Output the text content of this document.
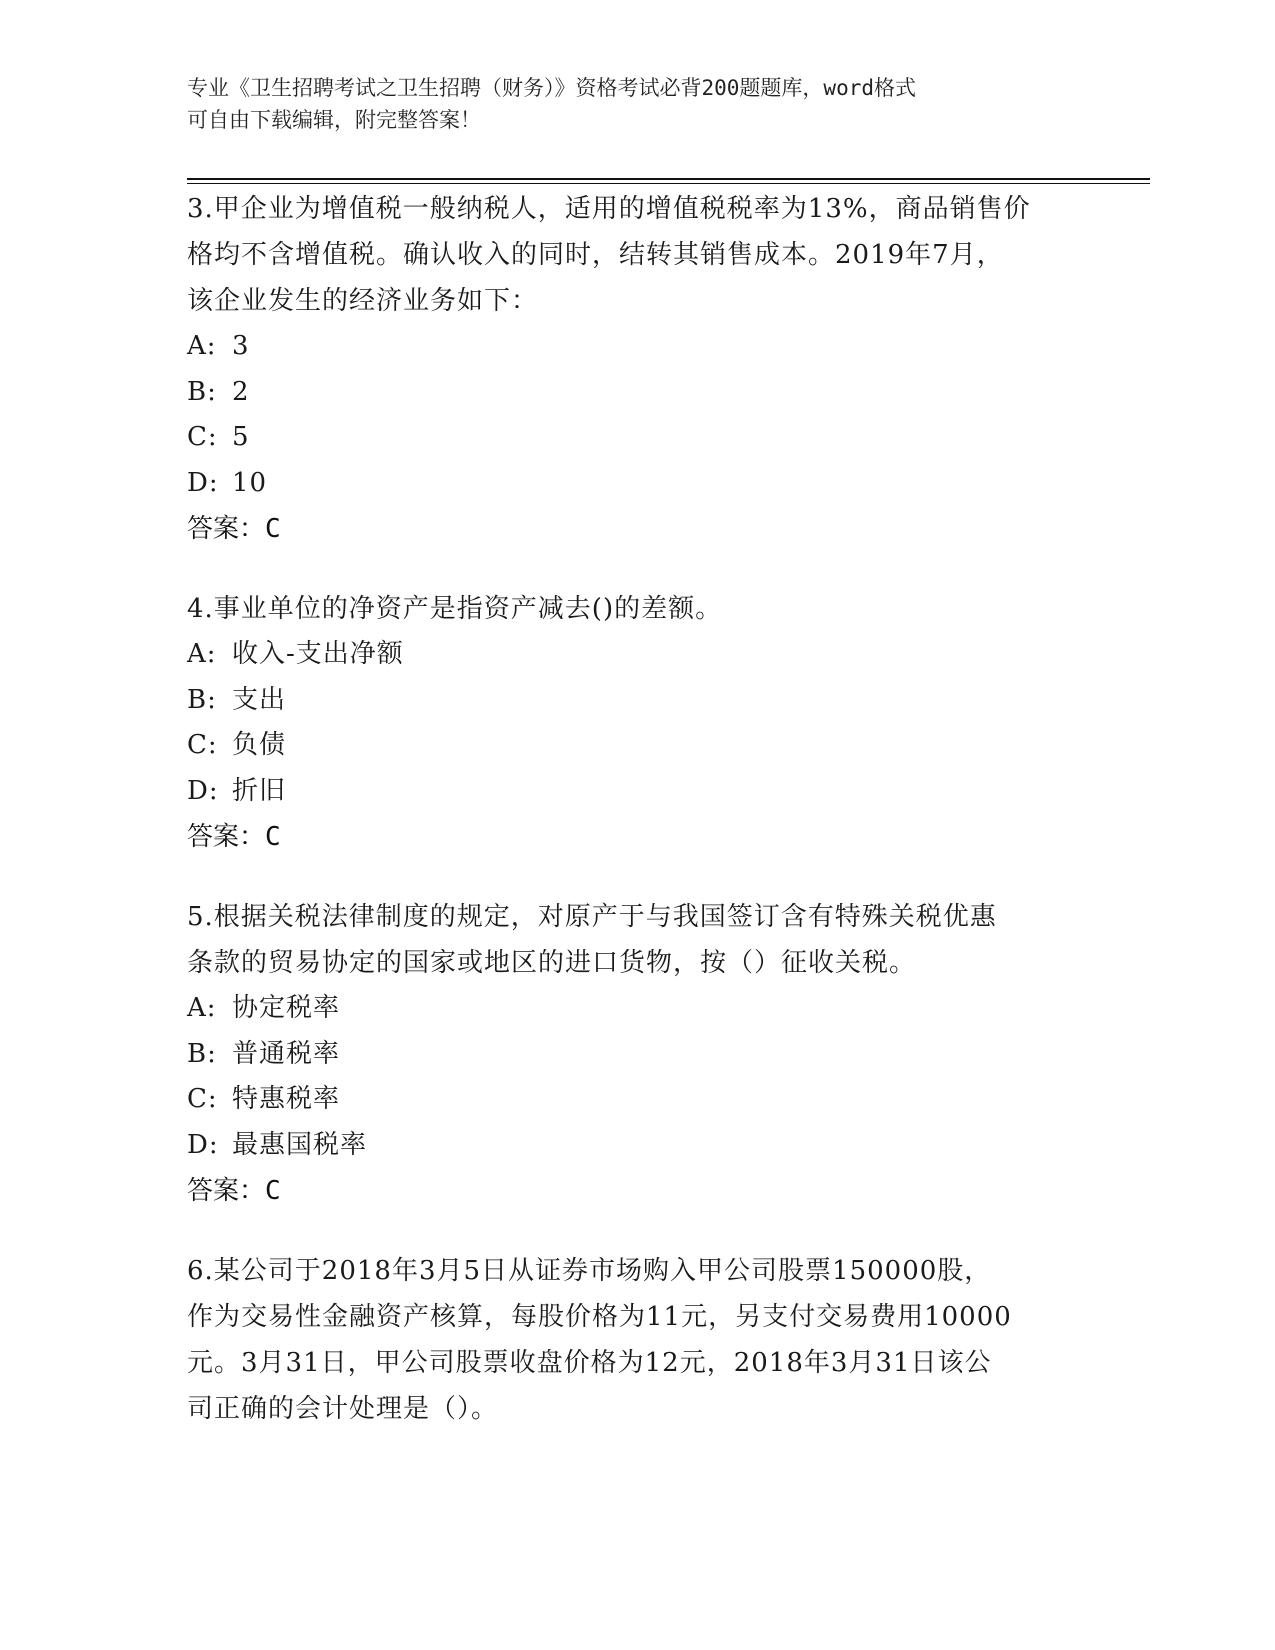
专业《卫生招聘考试之卫生招聘（财务）》资格考试必背200题题库，word格式
可自由下载编辑，附完整答案！
3.甲企业为增值税一般纳税人，适用的增值税税率为13%，商品销售价
格均不含增值税。确认收入的同时，结转其销售成本。2019年7月，
该企业发生的经济业务如下：
A: 3
B: 2
C: 5
D: 10
答案：C
4.事业单位的净资产是指资产减去()的差额。
A: 收入-支出净额
B: 支出
C: 负债
D: 折旧
答案：C
5.根据关税法律制度的规定，对原产于与我国签订含有特殊关税优惠
条款的贸易协定的国家或地区的进口货物，按（）征收关税。
A: 协定税率
B: 普通税率
C: 特惠税率
D: 最惠国税率
答案：C
6.某公司于2018年3月5日从证券市场购入甲公司股票150000股，
作为交易性金融资产核算，每股价格为11元，另支付交易费用10000
元。3月31日，甲公司股票收盘价格为12元，2018年3月31日该公
司正确的会计处理是（）。
